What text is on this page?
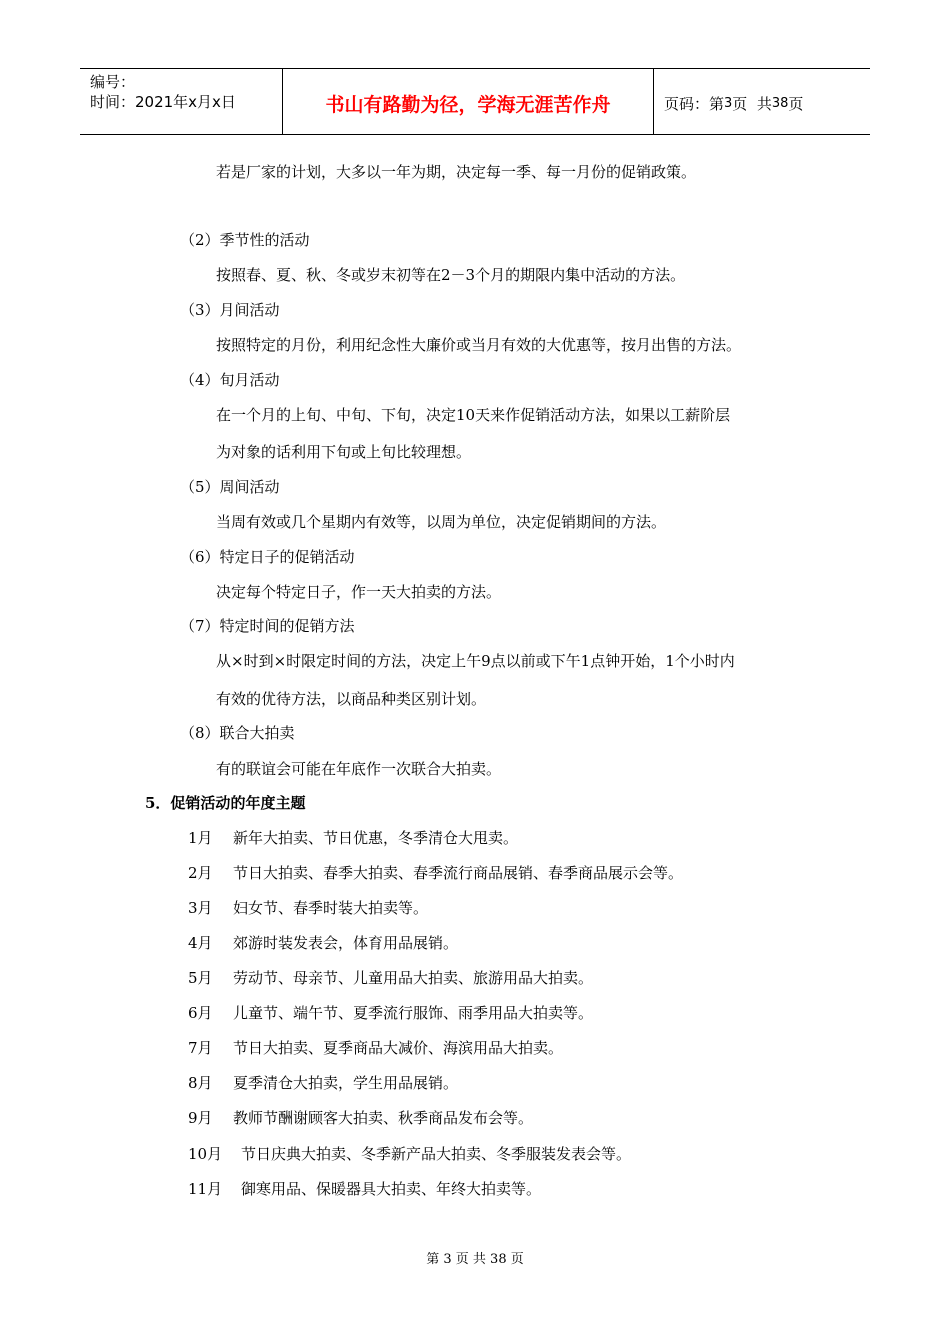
编号：
时间：2021年x月x日	书山有路勤为径，学海无涯苦作舟	页码：第 3 页  共 38 页
若是厂家的计划，大多以一年为期，决定每一季、每一月份的促销政策。
（2）季节性的活动
按照春、夏、秋、冬或岁末初等在2－3个月的期限内集中活动的方法。
（3）月间活动
按照特定的月份，利用纪念性大廉价或当月有效的大优惠等，按月出售的方法。
（4）旬月活动
在一个月的上旬、中旬、下旬，决定10天来作促销活动方法，如果以工薪阶层
为对象的话利用下旬或上旬比较理想。
（5）周间活动
当周有效或几个星期内有效等，以周为单位，决定促销期间的方法。
（6）特定日子的促销活动
决定每个特定日子，作一天大拍卖的方法。
（7）特定时间的促销方法
从×时到×时限定时间的方法，决定上午9点以前或下午1点钟开始，1个小时内
有效的优待方法，以商品种类区别计划。
（8）联合大拍卖
有的联谊会可能在年底作一次联合大拍卖。
5．促销活动的年度主题
1月 新年大拍卖、节日优惠，冬季清仓大甩卖。
2月 节日大拍卖、春季大拍卖、春季流行商品展销、春季商品展示会等。
3月 妇女节、春季时装大拍卖等。
4月 郊游时装发表会，体育用品展销。
5月 劳动节、母亲节、儿童用品大拍卖、旅游用品大拍卖。
6月 儿童节、端午节、夏季流行服饰、雨季用品大拍卖等。
7月 节日大拍卖、夏季商品大减价、海滨用品大拍卖。
8月 夏季清仓大拍卖，学生用品展销。
9月 教师节酬谢顾客大拍卖、秋季商品发布会等。
10月 节日庆典大拍卖、冬季新产品大拍卖、冬季服装发表会等。
11月 御寒用品、保暖器具大拍卖、年终大拍卖等。
第 3 页 共 38 页
